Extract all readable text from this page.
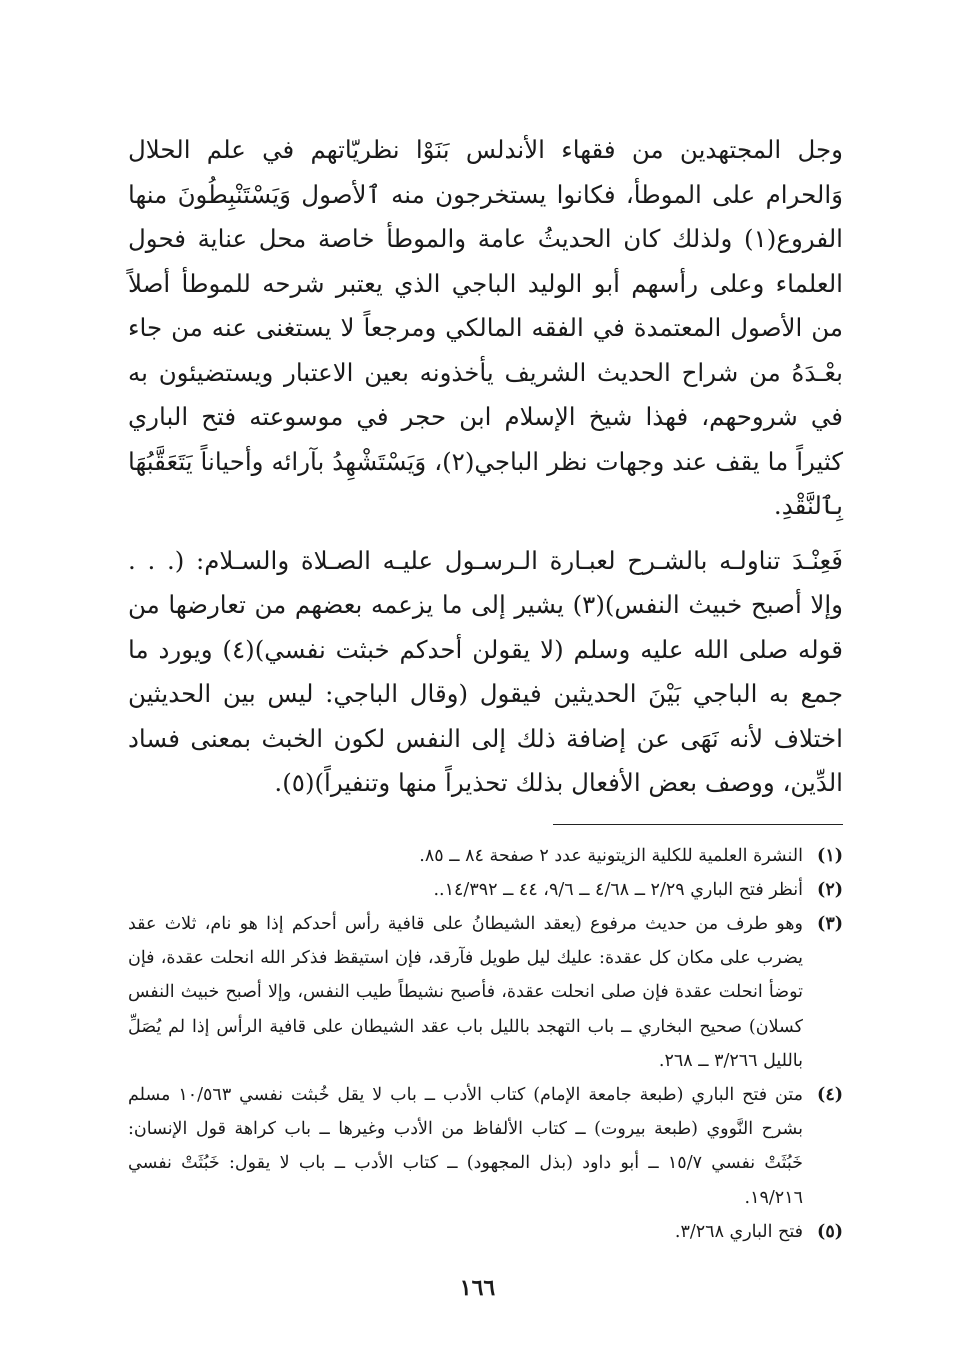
وجل المجتهدين من فقهاء الأندلس بَنَوْا نظريّاتهم في علم الحلال وَالحرام على الموطأ، فكانوا يستخرجون منه ٱلأصول وَيَسْتَنْبِطُونَ منها الفروع(١) ولذلك كان الحديثُ عامة والموطأ خاصة محل عناية فحول العلماء وعلى رأسهم أبو الوليد الباجي الذي يعتبر شرحه للموطأ أصلاً من الأصول المعتمدة في الفقه المالكي ومرجعاً لا يستغنى عنه من جاء بعْـدَهُ من شراح الحديث الشريف يأخذونه بعين الاعتبار ويستضيئون به في شروحهم، فهذا شيخ الإسلام ابن حجر في موسوعته فتح الباري كثيراً ما يقف عند وجهات نظر الباجي(٢)، وَيَسْتَشْهِدُ بآرائه وأحياناً يَتَعَقَّبُهَا بِٱلنَّقْدِ.

فَعِنْـدَ تناولـه بالشـرح لعبـارة الـرسـول عليـه الصـلاة والسـلام: (. . . وإلا أصبح خبيث النفس)(٣) يشير إلى ما يزعمه بعضهم من تعارضها من قوله صلى الله عليه وسلم (لا يقولن أحدكم خبثت نفسي)(٤) ويورد ما جمع به الباجي بَيْنَ الحديثين فيقول (وقال الباجي: ليس بين الحديثين اختلاف لأنه نَهَى عن إضافة ذلك إلى النفس لكون الخبث بمعنى فساد الدِّين، ووصف بعض الأفعال بذلك تحذيراً منها وتنفيراً)(٥).

(١)
النشرة العلمية للكلية الزيتونية عدد ٢ صفحة ٨٤ ــ ٨٥.
(٢)
أنظر فتح الباري ٢/٢٩ ــ ٤/٦٨ ــ ٩/٦، ٤٤ ــ ١٤/٣٩٢..
(٣)
وهو طرف من حديث مرفوع (يعقد الشيطانُ على قافية رأس أحدكم إذا هو نام، ثلاث عقد يضرب على مكان كل عقدة: عليك ليل طويل فآرقد، فإن استيقظ فذكر الله انحلت عقدة، فإن توضأ انحلت عقدة فإن صلى انحلت عقدة، فأصبح نشيطاً طيب النفس، وإلا أصبح خبيث النفس كسلان) صحيح البخاري ــ باب التهجد بالليل باب عقد الشيطان على قافية الرأس إذا لم يُصَلِّ بالليل ٣/٢٦٦ ــ ٢٦٨.
(٤)
متن فتح الباري (طبعة جامعة الإمام) كتاب الأدب ــ باب لا يقل خُبثت نفسي ١٠/٥٦٣ مسلم بشرح النَّووي (طبعة بيروت) ــ كتاب الألفاظ من الأدب وغيرها ــ باب كراهة قول الإنسان: خَبُثَتْ نفسي ١٥/٧ ــ أبو داود (بذل المجهود) ــ كتاب الأدب ــ باب لا يقول: خَبُثَتْ نفسي ١٩/٢١٦.
(٥)
فتح الباري ٣/٢٦٨.
١٦٦
